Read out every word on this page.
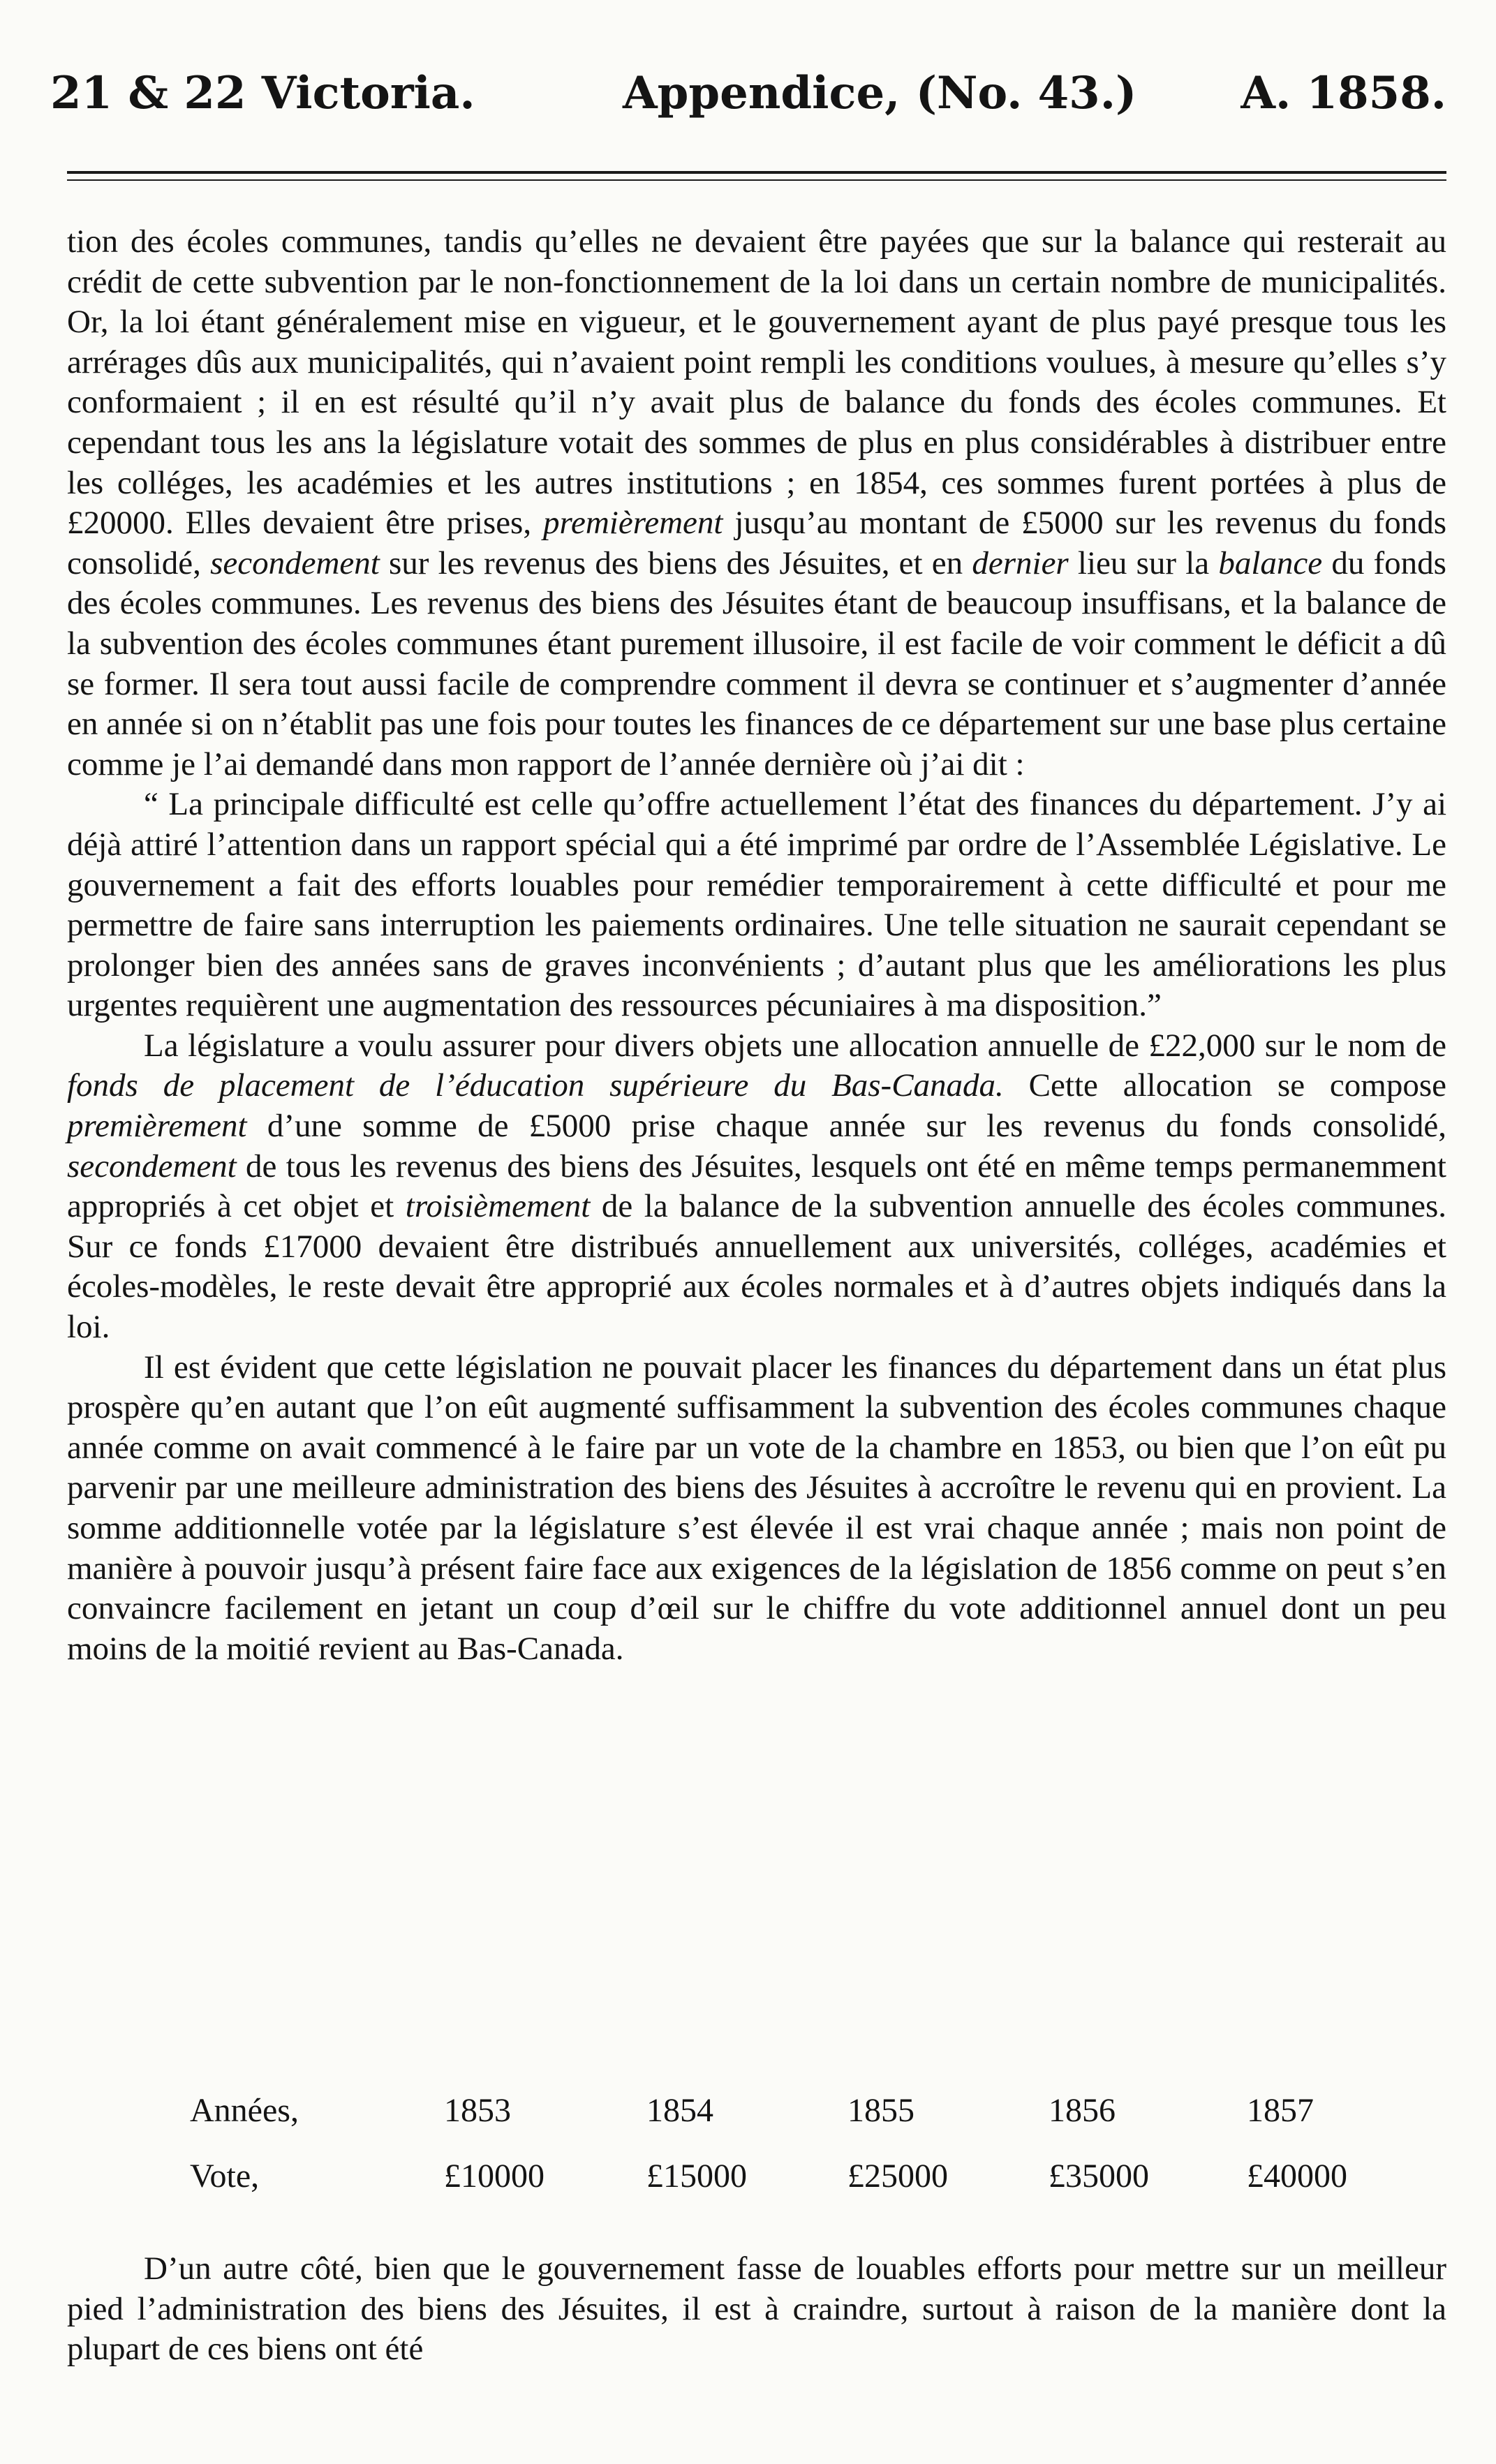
21 & 22 Victoria.	Appendice, (No. 43.) A. 1858.

tion des écoles communes, tandis qu’elles ne devaient être payées que sur la balance qui resterait au crédit de cette subvention par le non-fonctionnement de la loi dans un certain nombre de municipalités. Or, la loi étant généralement mise en vigueur, et le gouvernement ayant de plus payé presque tous les arrérages dûs aux municipalités, qui n’avaient point rempli les conditions voulues, à mesure qu’elles s’y conformaient ; il en est résulté qu’il n’y avait plus de balance du fonds des écoles communes. Et cependant tous les ans la législature votait des sommes de plus en plus considérables à distribuer entre les colléges, les académies et les autres institutions ; en 1854, ces sommes furent portées à plus de £20000. Elles devaient être prises, premièrement jusqu’au montant de £5000 sur les revenus du fonds consolidé, secondement sur les revenus des biens des Jésuites, et en dernier lieu sur la balance du fonds des écoles communes. Les revenus des biens des Jésuites étant de beaucoup insuffisans, et la balance de la subvention des écoles communes étant purement illusoire, il est facile de voir comment le déficit a dû se former. Il sera tout aussi facile de comprendre comment il devra se continuer et s’augmenter d’année en année si on n’établit pas une fois pour toutes les finances de ce département sur une base plus certaine comme je l’ai demandé dans mon rapport de l’année dernière où j’ai dit :

“ La principale difficulté est celle qu’offre actuellement l’état des finances du département. J’y ai déjà attiré l’attention dans un rapport spécial qui a été imprimé par ordre de l’Assemblée Législative. Le gouvernement a fait des efforts louables pour remédier temporairement à cette difficulté et pour me permettre de faire sans interruption les paiements ordinaires. Une telle situation ne saurait cependant se prolonger bien des années sans de graves inconvénients ; d’autant plus que les améliorations les plus urgentes requièrent une augmentation des ressources pécuniaires à ma disposition.”

La législature a voulu assurer pour divers objets une allocation annuelle de £22,000 sur le nom de fonds de placement de l’éducation supérieure du Bas-Canada. Cette allocation se compose premièrement d’une somme de £5000 prise chaque année sur les revenus du fonds consolidé, secondement de tous les revenus des biens des Jésuites, lesquels ont été en même temps permanemment appropriés à cet objet et troisièmement de la balance de la subvention annuelle des écoles communes. Sur ce fonds £17000 devaient être distribués annuellement aux universités, colléges, académies et écoles-modèles, le reste devait être approprié aux écoles normales et à d’autres objets indiqués dans la loi.

Il est évident que cette législation ne pouvait placer les finances du département dans un état plus prospère qu’en autant que l’on eût augmenté suffisamment la subvention des écoles communes chaque année comme on avait commencé à le faire par un vote de la chambre en 1853, ou bien que l’on eût pu parvenir par une meilleure administration des biens des Jésuites à accroître le revenu qui en provient. La somme additionnelle votée par la législature s’est élevée il est vrai chaque année ; mais non point de manière à pouvoir jusqu’à présent faire face aux exigences de la législation de 1856 comme on peut s’en convaincre facilement en jetant un coup d’œil sur le chiffre du vote additionnel annuel dont un peu moins de la moitié revient au Bas-Canada.

Années,	1853	1854	1855	1856	1857
Vote,	£10000	£15000	£25000	£35000	£40000

D’un autre côté, bien que le gouvernement fasse de louables efforts pour mettre sur un meilleur pied l’administration des biens des Jésuites, il est à craindre, surtout à raison de la manière dont la plupart de ces biens ont été
